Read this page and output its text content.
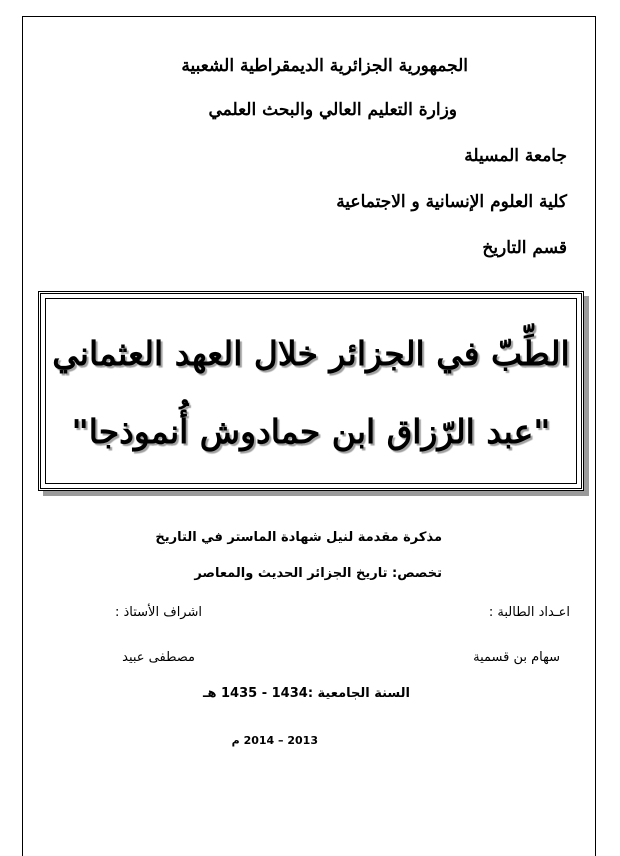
الجمهورية الجزائرية الديمقراطية الشعبية
وزارة التعليم العالي والبحث العلمي
جامعة المسيلة
كلية العلوم الإنسانية و الاجتماعية
قسم التاريخ
الطِّبّ في الجزائر خلال العهد العثماني
"عبد الرّزاق ابن حمادوش أُنموذجا"
مذكرة مقدمة لنيل شهادة الماستر في التاريخ
تخصص: تاريخ الجزائر الحديث والمعاصر
اعـداد الطالبة :
اشراف الأستاذ :
سهام بن قسمية
مصطفى عبيد
السنة الجامعية :1434 - 1435 هـ
2013 – 2014 م
